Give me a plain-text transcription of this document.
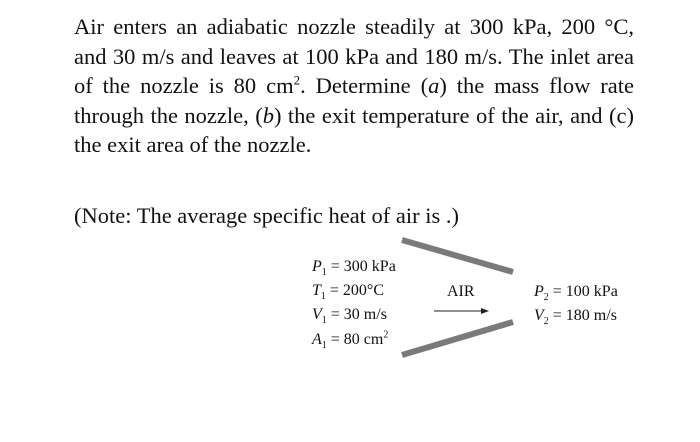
Air enters an adiabatic nozzle steadily at 300 kPa, 200 °C, and 30 m/s and leaves at 100 kPa and 180 m/s. The inlet area of the nozzle is 80 $cm^2$. Determine (a) the mass flow rate through the nozzle, (b) the exit temperature of the air, and (c) the exit area of the nozzle.
(Note: The average specific heat of air is .)
AIR
$P_1 = 300$ kPa
$T_1 = 200^\circ C$
$V_1 = 30$ m/s
$A_1 = 80$ $cm^2$
$P_2 = 100$ kPa
$V_2 = 180$ m/s
